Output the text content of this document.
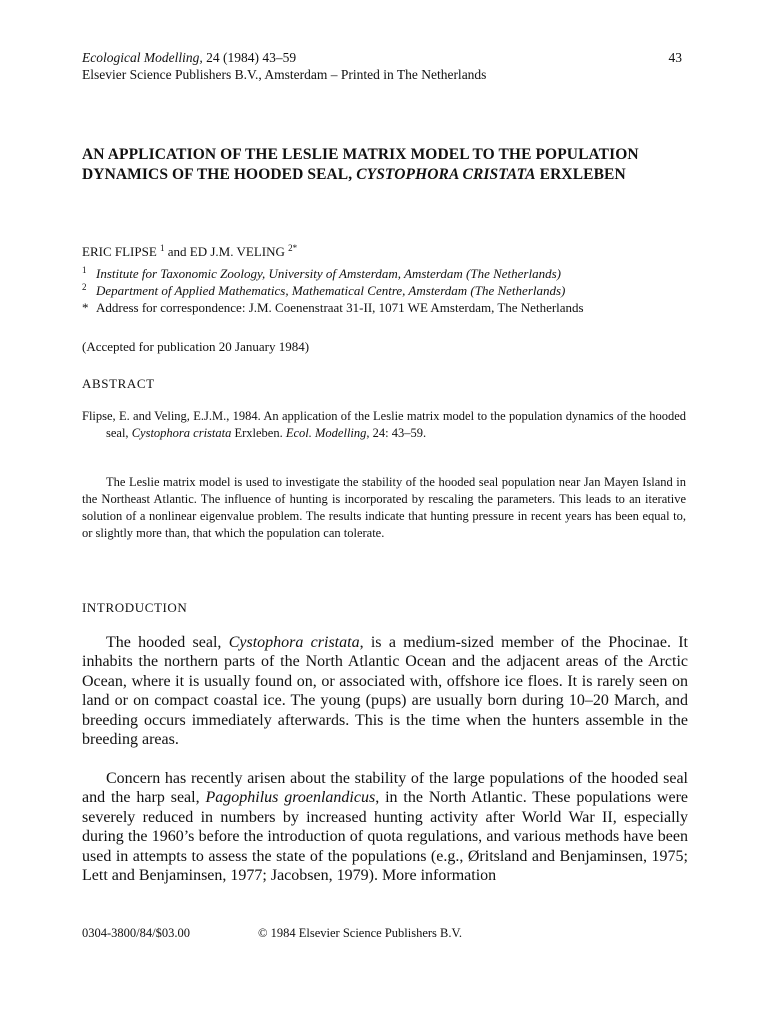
Ecological Modelling, 24 (1984) 43–59
Elsevier Science Publishers B.V., Amsterdam – Printed in The Netherlands
43
AN APPLICATION OF THE LESLIE MATRIX MODEL TO THE POPULATION DYNAMICS OF THE HOODED SEAL, CYSTOPHORA CRISTATA ERXLEBEN
ERIC FLIPSE $^1$ and ED J.M. VELING $^{2*}$
$^1$ Institute for Taxonomic Zoology, University of Amsterdam, Amsterdam (The Netherlands)
$^2$ Department of Applied Mathematics, Mathematical Centre, Amsterdam (The Netherlands)
* Address for correspondence: J.M. Coenenstraat 31-II, 1071 WE Amsterdam, The Netherlands
(Accepted for publication 20 January 1984)
ABSTRACT
Flipse, E. and Veling, E.J.M., 1984. An application of the Leslie matrix model to the population dynamics of the hooded seal, Cystophora cristata Erxleben. Ecol. Modelling, 24: 43–59.
The Leslie matrix model is used to investigate the stability of the hooded seal population near Jan Mayen Island in the Northeast Atlantic. The influence of hunting is incorporated by rescaling the parameters. This leads to an iterative solution of a nonlinear eigenvalue problem. The results indicate that hunting pressure in recent years has been equal to, or slightly more than, that which the population can tolerate.
INTRODUCTION
The hooded seal, Cystophora cristata, is a medium-sized member of the Phocinae. It inhabits the northern parts of the North Atlantic Ocean and the adjacent areas of the Arctic Ocean, where it is usually found on, or associated with, offshore ice floes. It is rarely seen on land or on compact coastal ice. The young (pups) are usually born during 10–20 March, and breeding occurs immediately afterwards. This is the time when the hunters assemble in the breeding areas.
Concern has recently arisen about the stability of the large populations of the hooded seal and the harp seal, Pagophilus groenlandicus, in the North Atlantic. These populations were severely reduced in numbers by increased hunting activity after World War II, especially during the 1960’s before the introduction of quota regulations, and various methods have been used in attempts to assess the state of the populations (e.g., Øritsland and Benjaminsen, 1975; Lett and Benjaminsen, 1977; Jacobsen, 1979). More information
0304-3800/84/$03.00	© 1984 Elsevier Science Publishers B.V.
